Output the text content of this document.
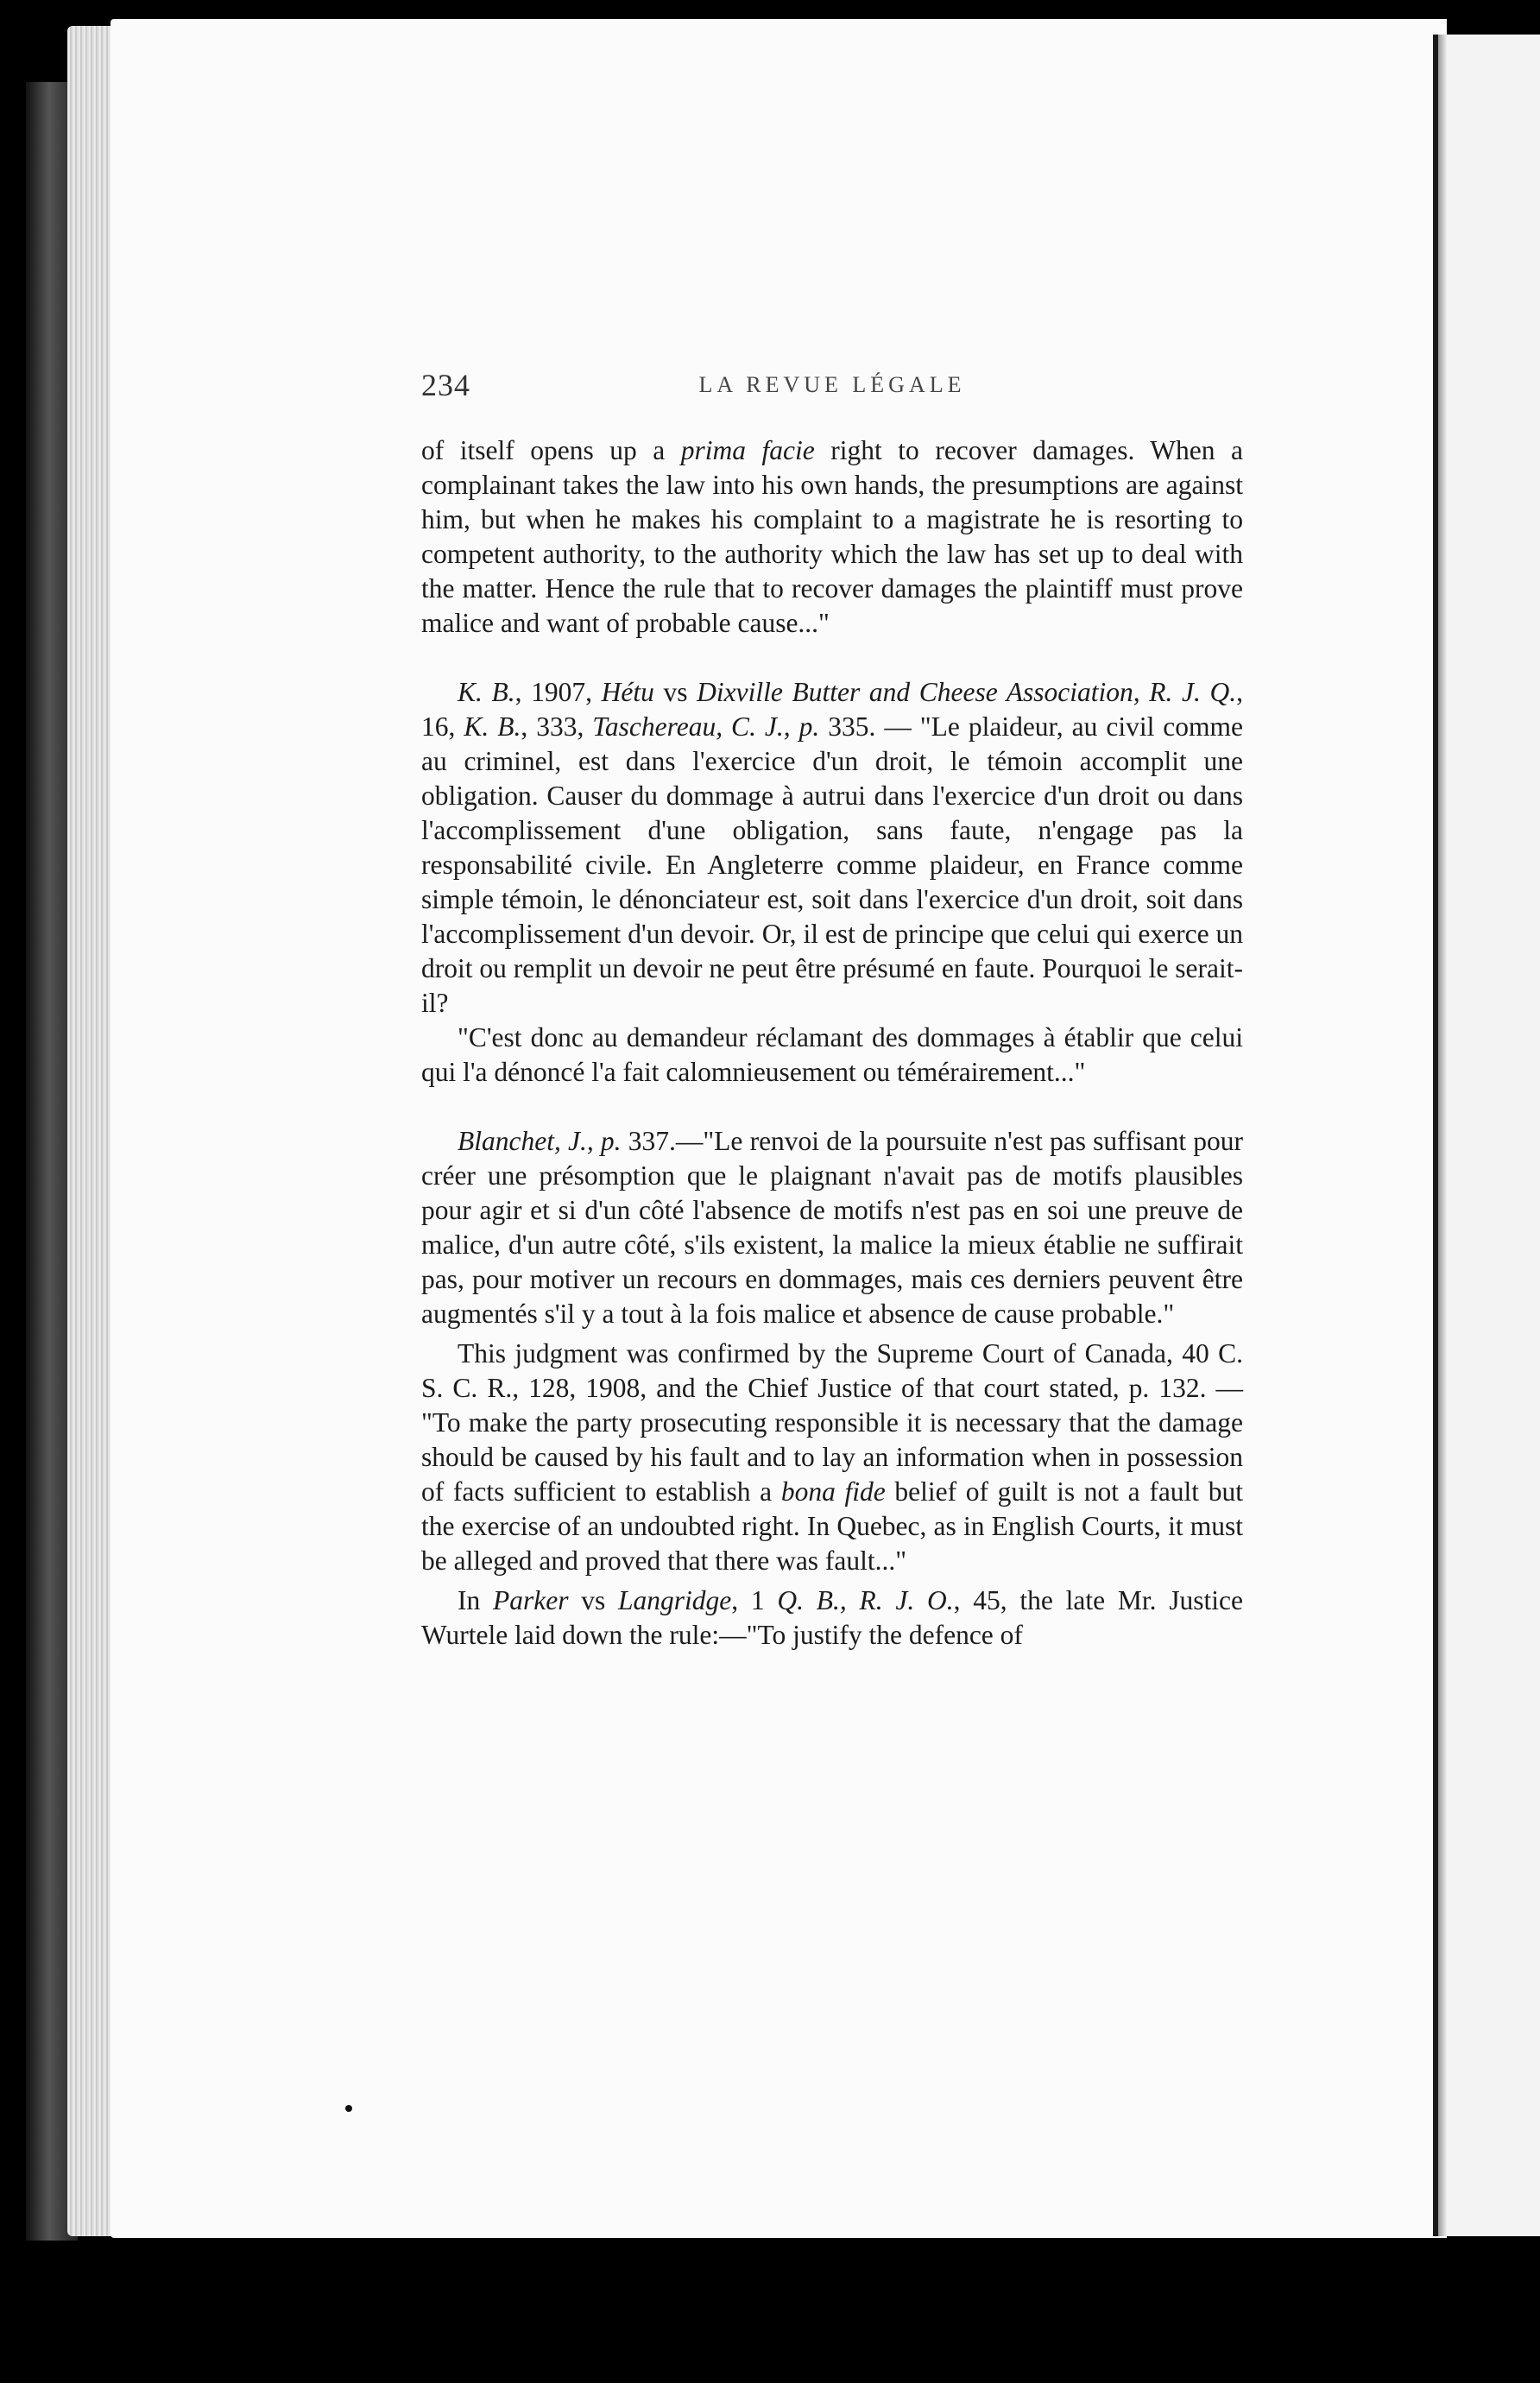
234	LA REVUE LÉGALE

of itself opens up a prima facie right to recover damages. When a complainant takes the law into his own hands, the presumptions are against him, but when he makes his complaint to a magistrate he is resorting to competent authority, to the authority which the law has set up to deal with the matter. Hence the rule that to recover damages the plaintiff must prove malice and want of probable cause..."

K. B., 1907, Hétu vs Dixville Butter and Cheese Association, R. J. Q., 16, K. B., 333, Taschereau, C. J., p. 335. — "Le plaideur, au civil comme au criminel, est dans l'exercice d'un droit, le témoin accomplit une obligation. Causer du dommage à autrui dans l'exercice d'un droit ou dans l'accomplissement d'une obligation, sans faute, n'engage pas la responsabilité civile. En Angleterre comme plaideur, en France comme simple témoin, le dénonciateur est, soit dans l'exercice d'un droit, soit dans l'accomplissement d'un devoir. Or, il est de principe que celui qui exerce un droit ou remplit un devoir ne peut être présumé en faute. Pourquoi le serait-il?

"C'est donc au demandeur réclamant des dommages à établir que celui qui l'a dénoncé l'a fait calomnieusement ou témérairement..."

Blanchet, J., p. 337.—"Le renvoi de la poursuite n'est pas suffisant pour créer une présomption que le plaignant n'avait pas de motifs plausibles pour agir et si d'un côté l'absence de motifs n'est pas en soi une preuve de malice, d'un autre côté, s'ils existent, la malice la mieux établie ne suffirait pas, pour motiver un recours en dommages, mais ces derniers peuvent être augmentés s'il y a tout à la fois malice et absence de cause probable."

This judgment was confirmed by the Supreme Court of Canada, 40 C. S. C. R., 128, 1908, and the Chief Justice of that court stated, p. 132. — "To make the party prosecuting responsible it is necessary that the damage should be caused by his fault and to lay an information when in possession of facts sufficient to establish a bona fide belief of guilt is not a fault but the exercise of an undoubted right. In Quebec, as in English Courts, it must be alleged and proved that there was fault..."

In Parker vs Langridge, 1 Q. B., R. J. O., 45, the late Mr. Justice Wurtele laid down the rule:—"To justify the defence of
